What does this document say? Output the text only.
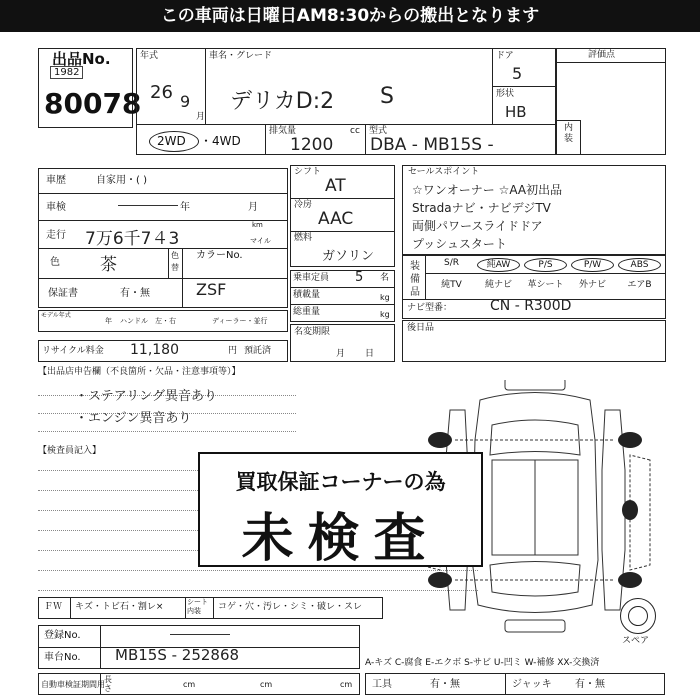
この車両は日曜日AM8:30からの搬出となります
出品No.
1982
80078
年式
26 9
月
車名・グレード
デリカD:2 S
ドア
5
形状
HB
2WD ・4WD
排気量	cc
1200
型式
DBA - MB15S -
評価点
内装
車歴	自家用・( )
車検	年	月
走行 7万6千7４3
km
マイル
色 茶	色替
カラーNo.
ZSF
保証書	有・無
モデル年式
年 ハンドル 左・右	ディーラー・並行
リサイクル料金 11,180	円 預託済
シフト
AT
冷房
AAC
燃料
ガソリン
乗車定員 5 名
積載量	kg
総重量	kg
名変期限
月日
セールスポイント
☆ワンオーナー ☆AA初出品
Stradaナビ・ナビデジTV
両側パワースライドドア
プッシュスタート
装備品
S/R	純AW	P/S	P/W	ABS
純TV	純ナビ	革シート	外ナビ	エアB
ナビ型番：	CN - R300D
後日品
【出品店申告欄（不良箇所・欠品・注意事項等）】
・ステアリング異音あり
・エンジン異音あり
【検査員記入】
スペア
買取保証コーナーの為
未検査
ＦＷ キズ・トビ石・割レ×	シート
内装	コゲ・穴・汚レ・シミ・破レ・スレ
登録No.
車台No. MB15S - 252868
自動車検証期間用
長さ	cm	cm	cm
A-キズ C-腐食 E-エクボ S-サビ U-凹ミ W-補修 XX-交換済
工具	有・無	ジャッキ 有・無
